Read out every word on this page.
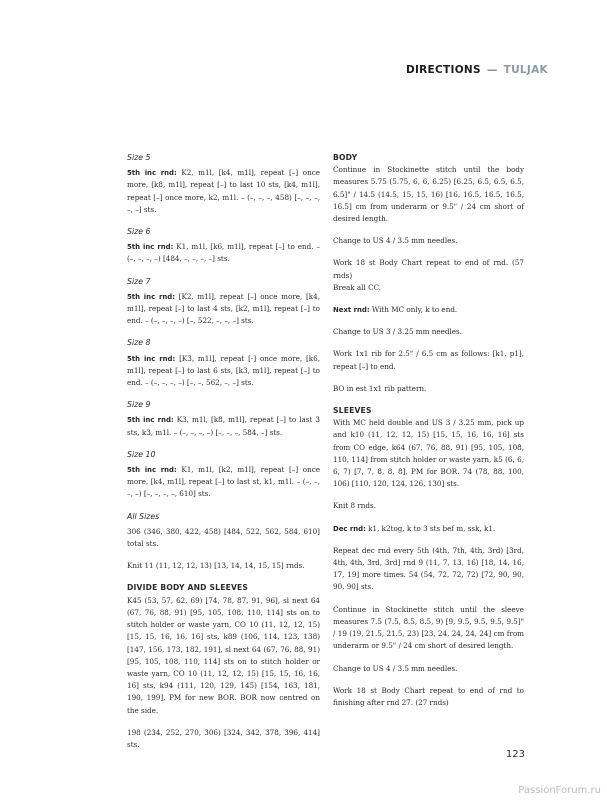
DIRECTIONS — TULJAK
Size 5

5th inc rnd: K2, m1l, [k4, m1l], repeat [–] once more, [k8, m1l], repeat [–] to last 10 sts, [k4, m1l], repeat [–] once more, k2, m1l. – (–, –, –, 458) [–, –, –, –, –] sts.

Size 6

5th inc rnd: K1, m1l, [k6, m1l], repeat [–] to end. – (–, –, –, –) [484, –, –, –, –] sts.

Size 7

5th inc rnd: [K2, m1l], repeat [–] once more, [k4, m1l], repeat [–] to last 4 sts, [k2, m1l], repeat [–] to end. – (–, –, –, –) [–, 522, –, –, –] sts.

Size 8

5th inc rnd: [K3, m1l], repeat [-] once more, [k6, m1l], repeat [–] to last 6 sts, [k3, m1l], repeat [–] to end. – (–, –, –, –) [–, –, 562, –, –] sts.

Size 9

5th inc rnd: K3, m1l, [k8, m1l], repeat [–] to last 3 sts, k3, m1l. – (–, –, –, –) [–, –, –, 584, –] sts.

Size 10

5th inc rnd: K1, m1l, [k2, m1l], repeat [–] once more, [k4, m1l], repeat [–] to last st, k1, m1l. – (–, –, –, –) [–, –, –, –, 610] sts.

All Sizes

306 (346, 380, 422, 458) [484, 522, 562, 584, 610] total sts.

Knit 11 (11, 12, 12, 13) [13, 14, 14, 15, 15] rnds.

DIVIDE BODY AND SLEEVES

K45 (53, 57, 62, 69) [74, 78, 87, 91, 96], sl next 64 (67, 76, 88, 91) [95, 105, 108, 110, 114] sts on to stitch holder or waste yarn, CO 10 (11, 12, 12, 15) [15, 15, 16, 16, 16] sts, k89 (106, 114, 123, 138) [147, 156, 173, 182, 191], sl next 64 (67, 76, 88, 91) [95, 105, 108, 110, 114] sts on to stitch holder or waste yarn, CO 10 (11, 12, 12, 15) [15, 15, 16, 16, 16] sts, k94 (111, 120, 129, 145) [154, 163, 181, 190, 199], PM for new BOR. BOR now centred on the side.

198 (234, 252, 270, 306) [324, 342, 378, 396, 414] sts.

BODY

Continue in Stockinette stitch until the body measures 5.75 (5.75, 6, 6, 6.25) [6.25, 6.5, 6.5, 6.5, 6.5]" / 14.5 (14.5, 15, 15, 16) [16, 16.5, 16.5, 16.5, 16.5] cm from underarm or 9.5" / 24 cm short of desired length.

Change to US 4 / 3.5 mm needles.

Work 18 st Body Chart repeat to end of rnd. (57 rnds)

Break all CC.

Next rnd: With MC only, k to end.

Change to US 3 / 3.25 mm needles.

Work 1x1 rib for 2.5" / 6.5 cm as follows: [k1, p1], repeat [–] to end.

BO in est 1x1 rib pattern.

SLEEVES

With MC held double and US 3 / 3.25 mm, pick up and k10 (11, 12, 12, 15) [15, 15, 16, 16, 16] sts from CO edge, k64 (67, 76, 88, 91) [95, 105, 108, 110, 114] from stitch holder or waste yarn, k5 (6, 6, 6, 7) [7, 7, 8, 8, 8], PM for BOR. 74 (78, 88, 100, 106) [110, 120, 124, 126, 130] sts.

Knit 8 rnds.

Dec rnd: k1, k2tog, k to 3 sts bef m, ssk, k1.

Repeat dec rnd every 5th (4th, 7th, 4th, 3rd) [3rd, 4th, 4th, 3rd, 3rd] rnd 9 (11, 7, 13, 16) [18, 14, 16, 17, 19] more times. 54 (54, 72, 72, 72) [72, 90, 90, 90, 90] sts.

Continue in Stockinette stitch until the sleeve measures 7.5 (7.5, 8.5, 8.5, 9) [9, 9.5, 9.5, 9.5, 9.5]" / 19 (19, 21.5, 21.5, 23) [23, 24, 24, 24, 24] cm from underarm or 9.5" / 24 cm short of desired length.

Change to US 4 / 3.5 mm needles.

Work 18 st Body Chart repeat to end of rnd to finishing after rnd 27. (27 rnds)

123
PassionForum.ru
